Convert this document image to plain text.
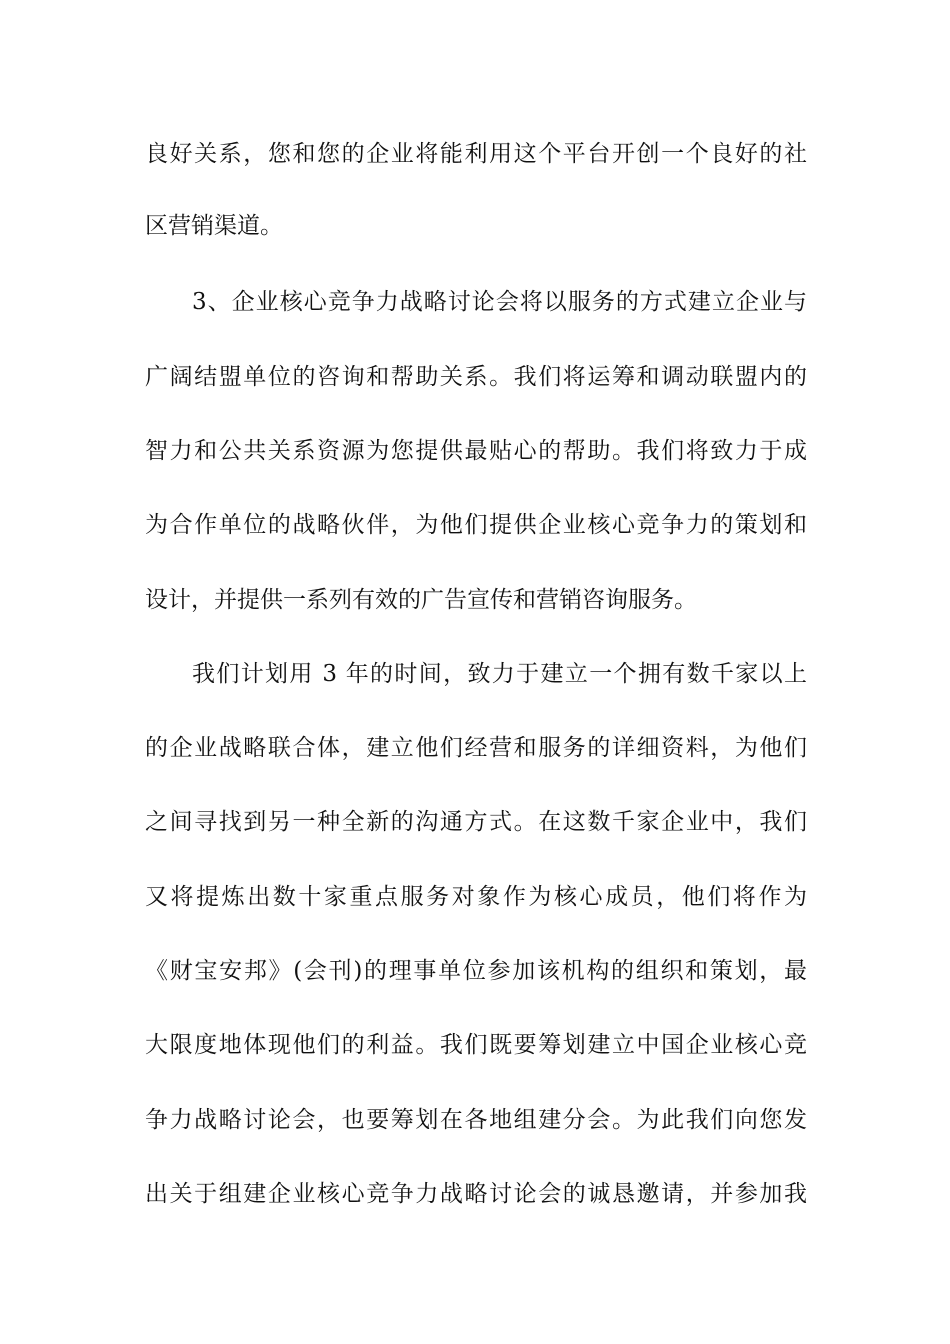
良好关系，您和您的企业将能利用这个平台开创一个良好的社
区营销渠道。
3、企业核心竞争力战略讨论会将以服务的方式建立企业与
广阔结盟单位的咨询和帮助关系。我们将运筹和调动联盟内的
智力和公共关系资源为您提供最贴心的帮助。我们将致力于成
为合作单位的战略伙伴，为他们提供企业核心竞争力的策划和
设计，并提供一系列有效的广告宣传和营销咨询服务。
我们计划用 3 年的时间，致力于建立一个拥有数千家以上
的企业战略联合体，建立他们经营和服务的详细资料，为他们
之间寻找到另一种全新的沟通方式。在这数千家企业中，我们
又将提炼出数十家重点服务对象作为核心成员，他们将作为
《财宝安邦》(会刊)的理事单位参加该机构的组织和策划，最
大限度地体现他们的利益。我们既要筹划建立中国企业核心竞
争力战略讨论会，也要筹划在各地组建分会。为此我们向您发
出关于组建企业核心竞争力战略讨论会的诚恳邀请，并参加我
